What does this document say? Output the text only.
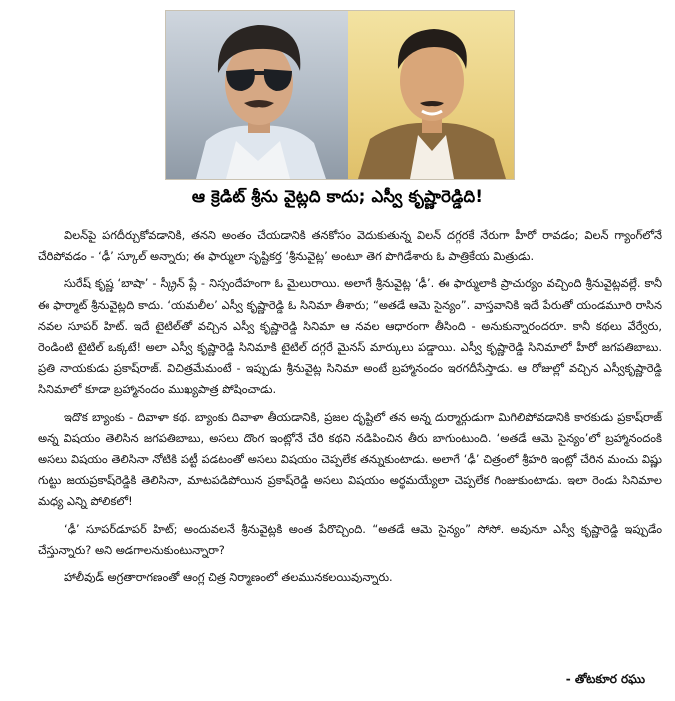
ఆ క్రెడిట్ శ్రీను వైట్లది కాదు; ఎస్వీ కృష్ణారెడ్డిది!

విలన్‌పై పగదీర్చుకోవడానికి, తనని అంతం చేయడానికి తనకోసం వెదుకుతున్న విలన్ దగ్గరకే నేరుగా హీరో రావడం; విలన్ గ్యాంగ్‌లోనే చేరిపోవడం - ‘ఢీ’ స్కూల్ అన్నారు; ఈ ఫార్ములా సృష్టికర్త ‘శ్రీనువైట్ల’ అంటూ తెగ పొగిడేశారు ఓ పాత్రికేయ మిత్రుడు.

సురేష్ కృష్ణ ‘బాషా’ - స్క్రీన్ ప్లే - నిస్సందేహంగా ఓ మైలురాయి. అలాగే శ్రీనువైట్ల ‘ఢీ’. ఈ ఫార్ములాకి ప్రాచుర్యం వచ్చింది శ్రీనువైట్లవల్లే. కానీ ఈ ఫార్మాట్ శ్రీనువైట్లది కాదు. ‘యమలీల’ ఎస్వీ కృష్ణారెడ్డి ఓ సినిమా తీశారు; “అతడే ఆమె సైన్యం”. వాస్తవానికి ఇదే పేరుతో యండమూరి రాసిన నవల సూపర్ హిట్. ఇదే టైటిల్‌తో వచ్చిన ఎస్వీ కృష్ణారెడ్డి సినిమా ఆ నవల ఆధారంగా తీసింది - అనుకున్నారందరూ. కానీ కథలు వేర్వేరు, రెండింటి టైటిల్ ఒక్కటే! అలా ఎస్వీ కృష్ణారెడ్డి సినిమాకి టైటిల్ దగ్గరే మైనస్ మార్కులు పడ్డాయి. ఎస్వీ కృష్ణారెడ్డి సినిమాలో హీరో జగపతిబాబు. ప్రతి నాయకుడు ప్రకాష్‌రాజ్. విచిత్రమేమంటే - ఇప్పుడు శ్రీనువైట్ల సినిమా అంటే బ్రహ్మానందం ఇరగదీసేస్తాడు. ఆ రోజుల్లో వచ్చిన ఎస్వీకృష్ణారెడ్డి సినిమాలో కూడా బ్రహ్మానందం ముఖ్యపాత్ర పోషించాడు.

ఇదొక బ్యాంకు - దివాళా కథ. బ్యాంకు దివాళా తీయడానికి, ప్రజల దృష్టిలో తన అన్న దుర్మార్గుడుగా మిగిలిపోవడానికి కారకుడు ప్రకాష్‌రాజ్ అన్న విషయం తెలిసిన జగపతిబాబు, అసలు దొంగ ఇంట్లోనే చేరి కథని నడిపించిన తీరు బాగుంటుంది. ‘అతడే ఆమె సైన్యం’లో బ్రహ్మానందంకి అసలు విషయం తెలిసినా నోటికి పట్టీ పడటంతో అసలు విషయం చెప్పలేక తన్నుకుంటాడు. అలాగే ‘ఢీ’ చిత్రంలో శ్రీహరి ఇంట్లో చేరిన మంచు విష్ణు గుట్టు జయప్రకాష్‌రెడ్డికి తెలిసినా, మాటపడిపోయిన ప్రకాష్‌రెడ్డి అసలు విషయం అర్థమయ్యేలా చెప్పలేక గింజుకుంటాడు. ఇలా రెండు సినిమాల మధ్య ఎన్ని పోలికలో!

‘ఢీ’ సూపర్‌డూపర్ హిట్; అందువలనే శ్రీనువైట్లకి అంత పేరొచ్చింది. “అతడే ఆమె సైన్యం” సోసో. అవునూ ఎస్వీ కృష్ణారెడ్డి ఇప్పుడేం చేస్తున్నారు? అని అడగాలనుకుంటున్నారా?

హాలీవుడ్ అగ్రతారాగణంతో ఆంగ్ల చిత్ర నిర్మాణంలో తలమునకలయివున్నారు.

- తోటకూర రఘు
